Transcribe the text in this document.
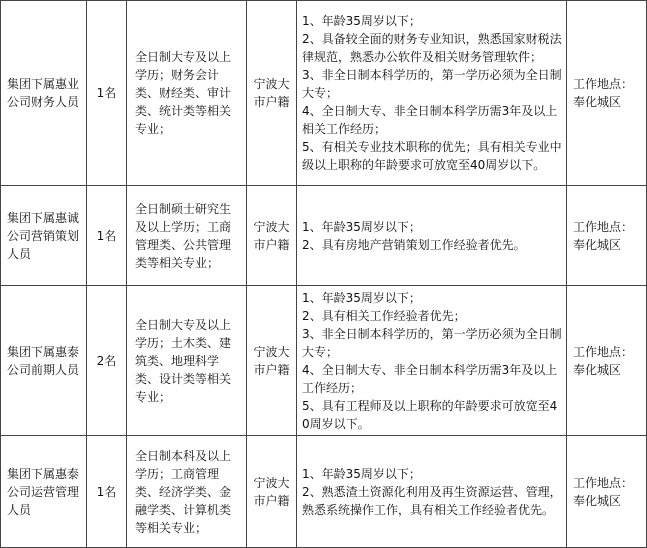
集团下属惠业公司财务人员	1名	全日制大专及以上学历；财务会计类、财经类、审计类、统计类等相关专业；	宁波大市户籍	1、年龄35周岁以下；
2、具备较全面的财务专业知识，熟悉国家财税法律规范，熟悉办公软件及相关财务管理软件；
3、非全日制本科学历的，第一学历必须为全日制大专；
4、全日制大专、非全日制本科学历需3年及以上相关工作经历；
5、有相关专业技术职称的优先；具有相关专业中级以上职称的年龄要求可放宽至40周岁以下。	工作地点：奉化城区
集团下属惠诚公司营销策划人员	1名	全日制硕士研究生及以上学历；工商管理类、公共管理类等相关专业；	宁波大市户籍	1、年龄35周岁以下；
2、具有房地产营销策划工作经验者优先。	工作地点：奉化城区
集团下属惠泰公司前期人员	2名	全日制大专及以上学历；土木类、建筑类、地理科学类、设计类等相关专业；	宁波大市户籍	1、年龄35周岁以下；
2、具有相关工作经验者优先；
3、非全日制本科学历的，第一学历必须为全日制大专；
4、全日制大专、非全日制本科学历需3年及以上工作经历；
5、具有工程师及以上职称的年龄要求可放宽至40周岁以下。	工作地点：奉化城区
集团下属惠泰公司运营管理人员	1名	全日制本科及以上学历；工商管理类、经济学类、金融学类、计算机类等相关专业；	宁波大市户籍	1、年龄35周岁以下；
2、熟悉渣土资源化利用及再生资源运营、管理，熟悉系统操作工作，具有相关工作经验者优先。	工作地点：奉化城区
